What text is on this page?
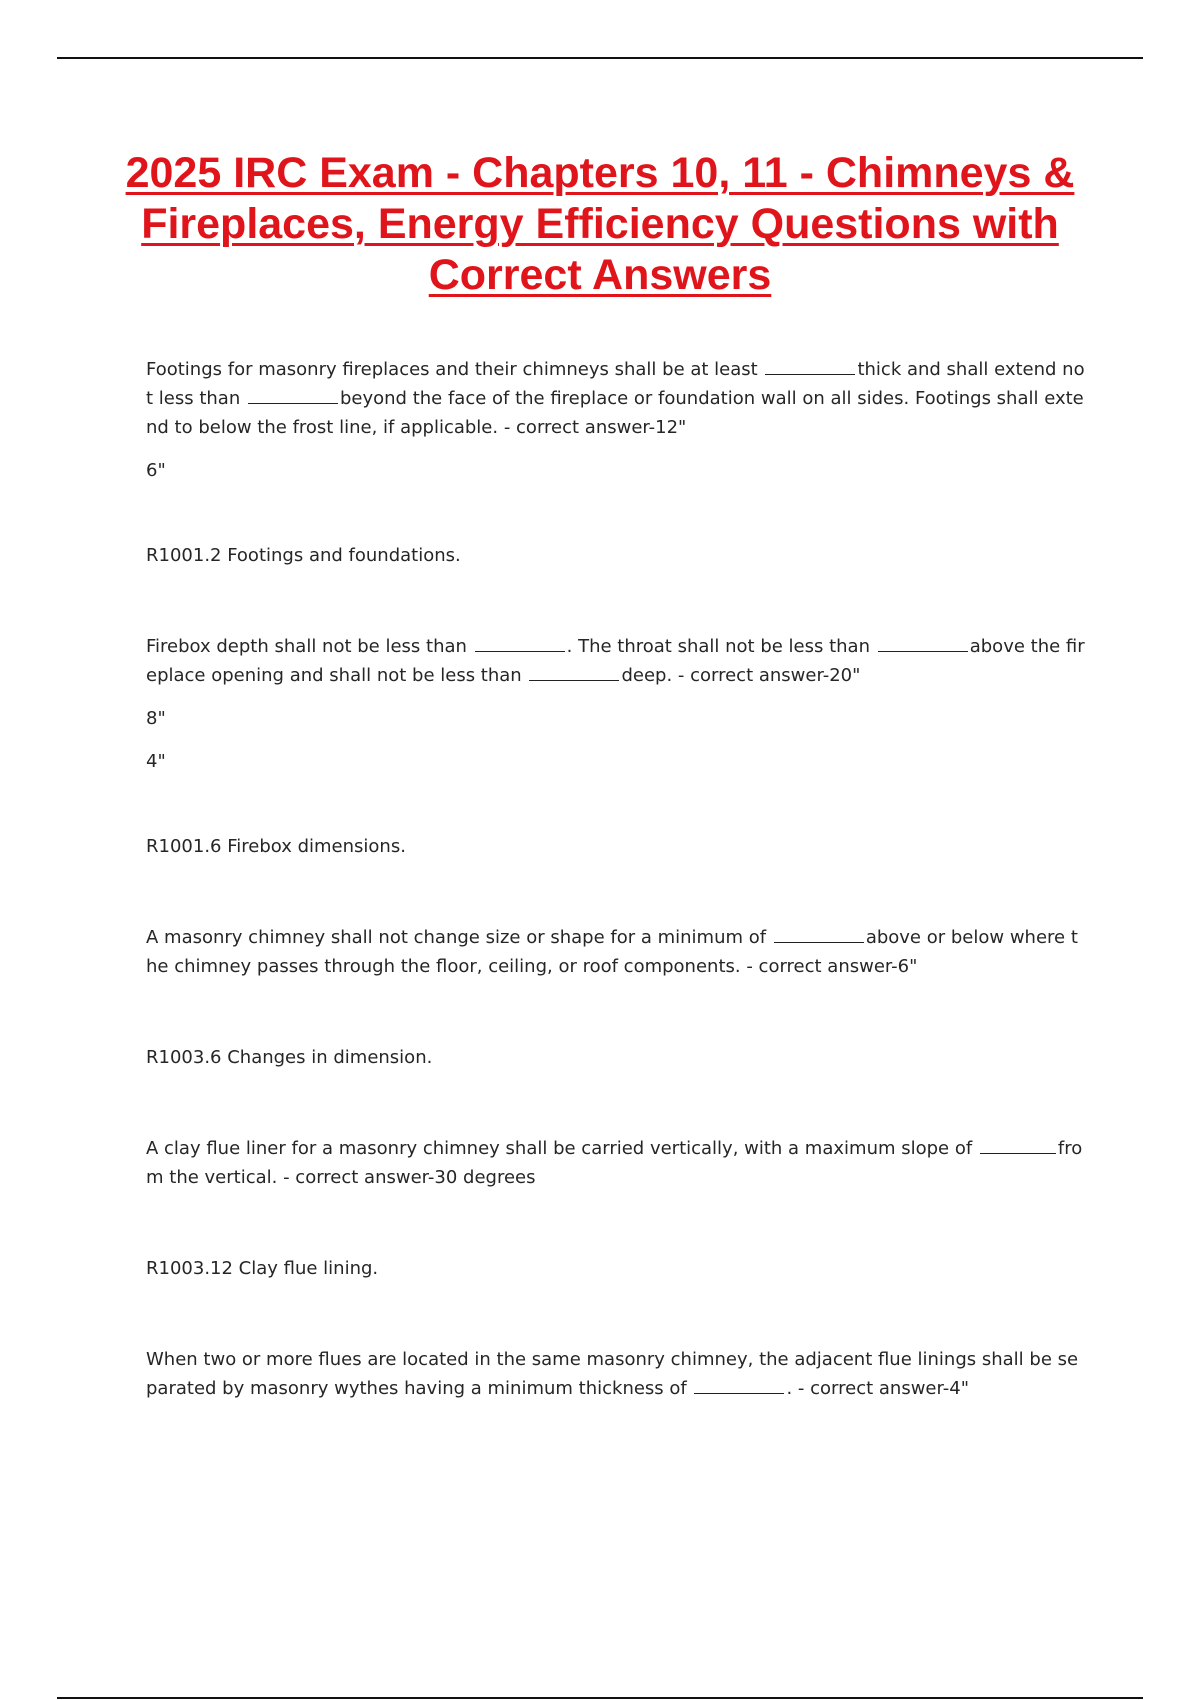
2025 IRC Exam - Chapters 10, 11 - Chimneys & Fireplaces, Energy Efficiency Questions with Correct Answers

Footings for masonry fireplaces and their chimneys shall be at least	thick and shall extend not less than	beyond the face of the fireplace or foundation wall on all sides. Footings shall extend to below the frost line, if applicable. - correct answer-12"

6"

R1001.2 Footings and foundations.

Firebox depth shall not be less than	. The throat shall not be less than	above the fireplace opening and shall not be less than	deep. - correct answer-20"

8"

4"

R1001.6 Firebox dimensions.

A masonry chimney shall not change size or shape for a minimum of	above or below where the chimney passes through the floor, ceiling, or roof components. - correct answer-6"

R1003.6 Changes in dimension.

A clay flue liner for a masonry chimney shall be carried vertically, with a maximum slope of	from the vertical. - correct answer-30 degrees

R1003.12 Clay flue lining.

When two or more flues are located in the same masonry chimney, the adjacent flue linings shall be separated by masonry wythes having a minimum thickness of	. - correct answer-4"
